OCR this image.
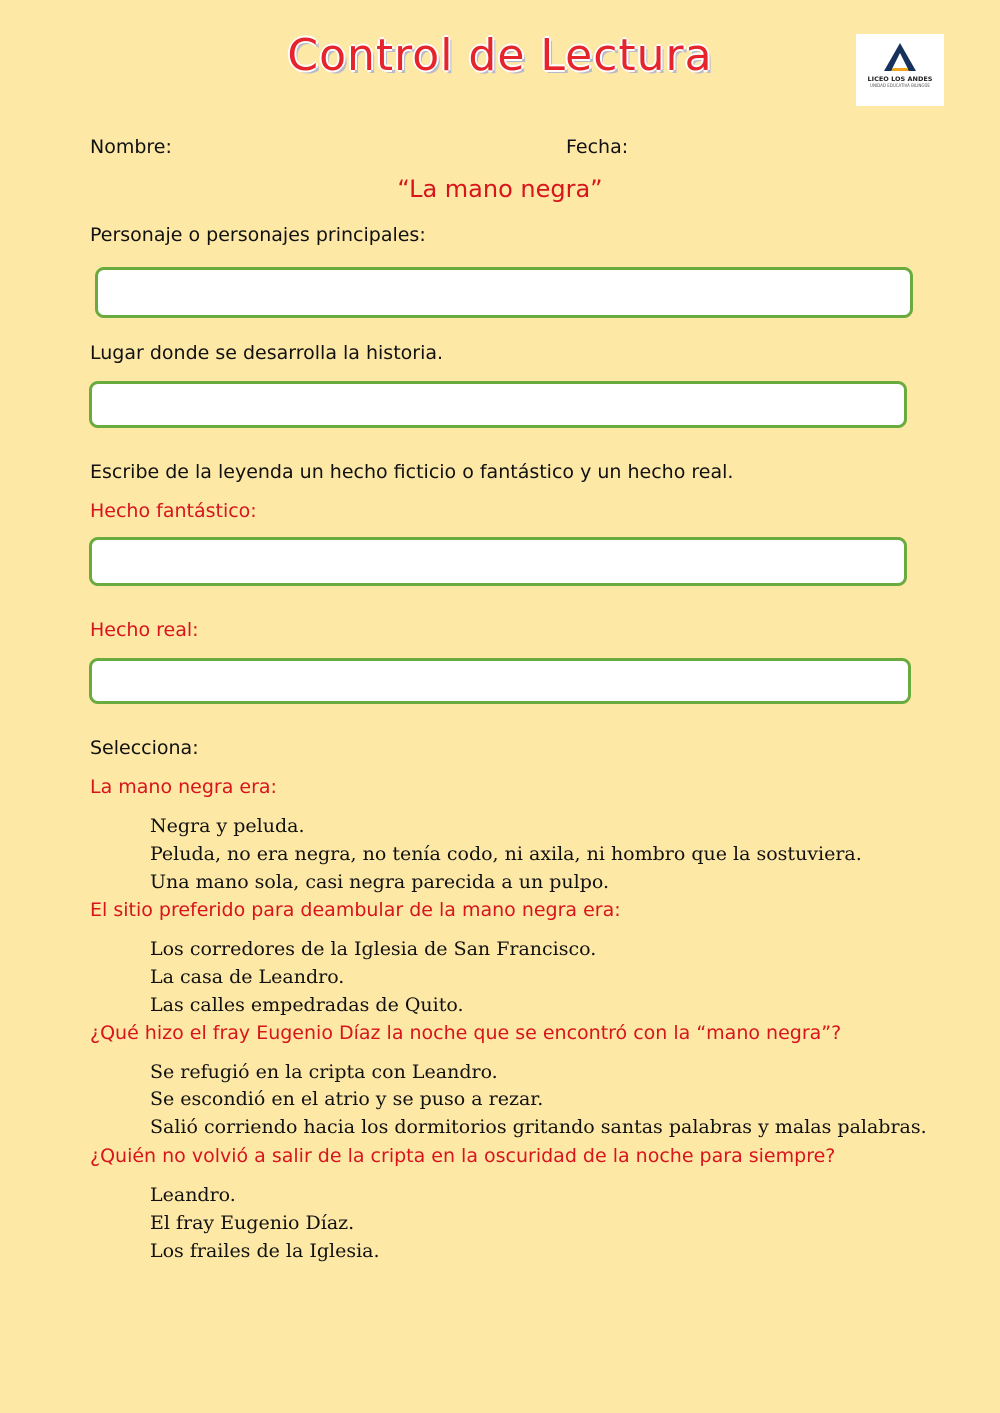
Control de Lectura	LICEO LOS ANDES
UNIDAD EDUCATIVA BILINGÜE
Nombre:	Fecha:
“La mano negra”
Personaje o personajes principales:
Lugar donde se desarrolla la historia.
Escribe de la leyenda un hecho ficticio o fantástico y un hecho real.
Hecho fantástico:
Hecho real:
Selecciona:
La mano negra era:
Negra y peluda.
Peluda, no era negra, no tenía codo, ni axila, ni hombro que la sostuviera.
Una mano sola, casi negra parecida a un pulpo.
El sitio preferido para deambular de la mano negra era:
Los corredores de la Iglesia de San Francisco.
La casa de Leandro.
Las calles empedradas de Quito.
¿Qué hizo el fray Eugenio Díaz la noche que se encontró con la “mano negra”?
Se refugió en la cripta con Leandro.
Se escondió en el atrio y se puso a rezar.
Salió corriendo hacia los dormitorios gritando santas palabras y malas palabras.
¿Quién no volvió a salir de la cripta en la oscuridad de la noche para siempre?
Leandro.
El fray Eugenio Díaz.
Los frailes de la Iglesia.
